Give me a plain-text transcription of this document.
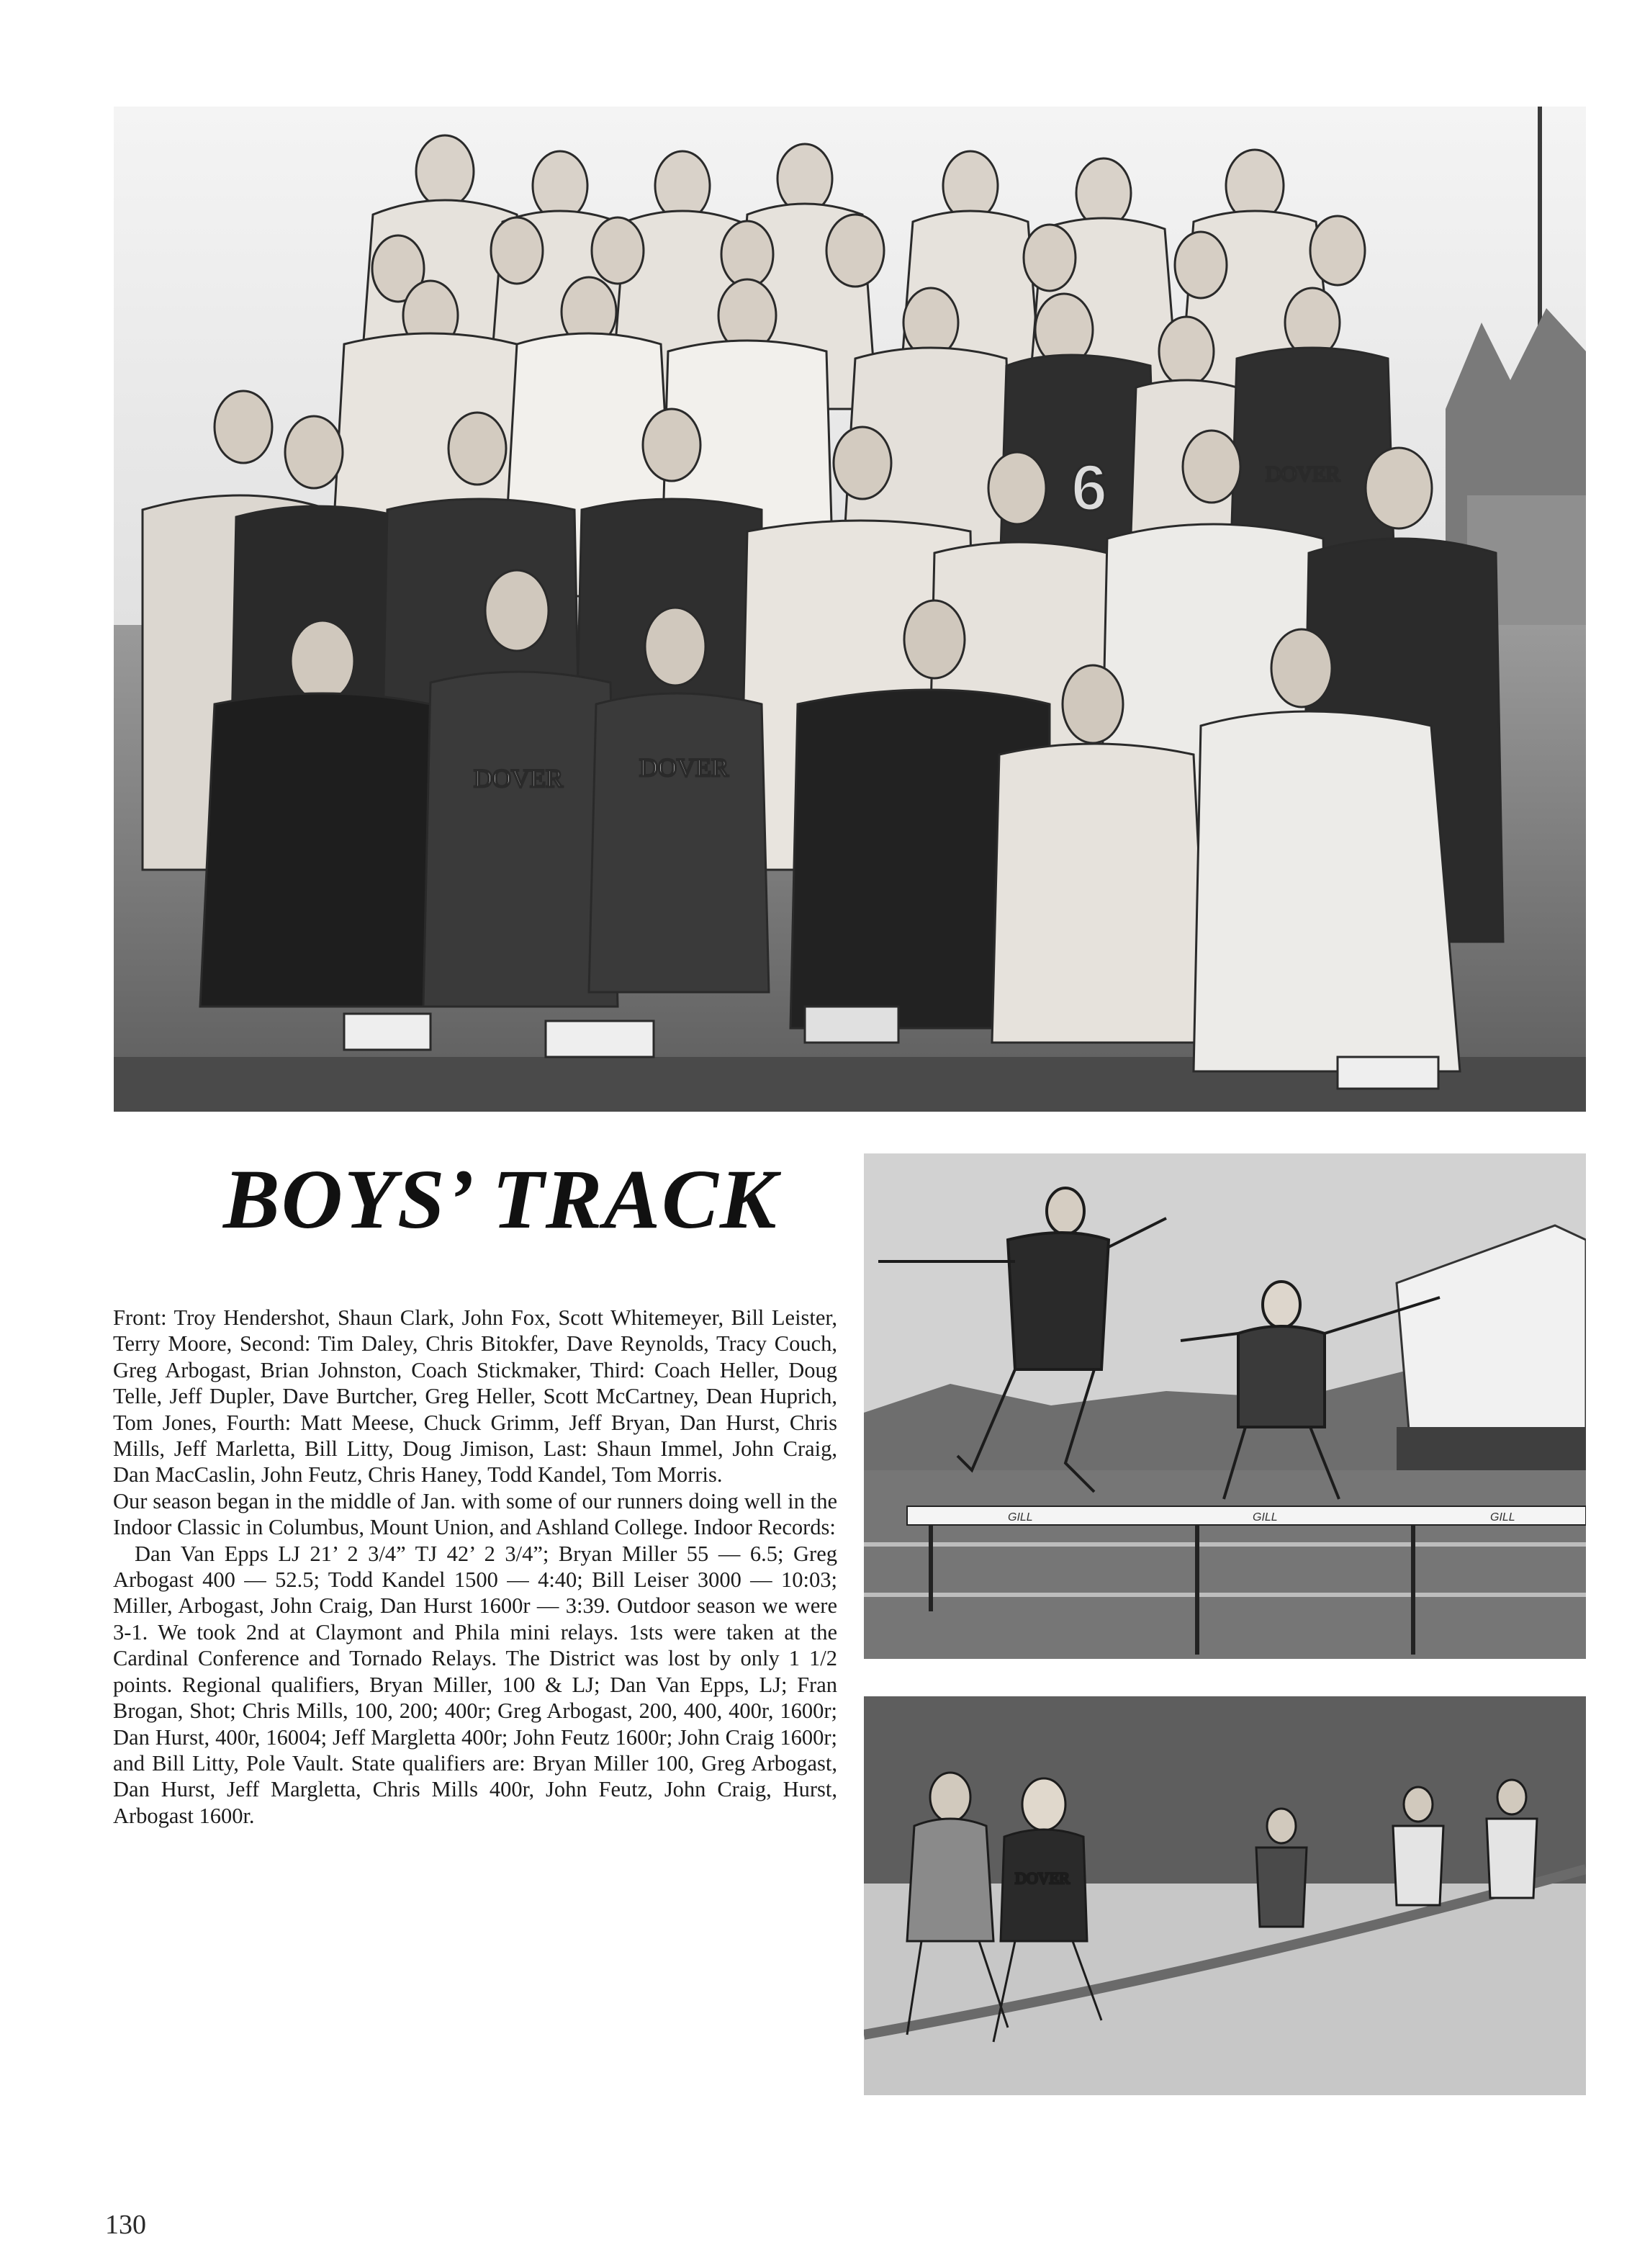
6	DOVER
DOVER	DOVER
BOYS’ TRACK
GILL	GILL	GILL
DOVER

Front: Troy Hendershot, Shaun Clark, John Fox, Scott Whitemeyer, Bill Leister, Terry Moore, Second: Tim Daley, Chris Bitokfer, Dave Reynolds, Tracy Couch, Greg Arbogast, Brian Johnston, Coach Stickmaker, Third: Coach Heller, Doug Telle, Jeff Dupler, Dave Burtcher, Greg Heller, Scott McCartney, Dean Huprich, Tom Jones, Fourth: Matt Meese, Chuck Grimm, Jeff Bryan, Dan Hurst, Chris Mills, Jeff Marletta, Bill Litty, Doug Jimison, Last: Shaun Immel, John Craig, Dan MacCaslin, John Feutz, Chris Haney, Todd Kandel, Tom Morris.

Our season began in the middle of Jan. with some of our runners doing well in the Indoor Classic in Columbus, Mount Union, and Ashland College. Indoor Records:

Dan Van Epps LJ 21’ 2 3/4” TJ 42’ 2 3/4”; Bryan Miller 55 — 6.5; Greg Arbogast 400 — 52.5; Todd Kandel 1500 — 4:40; Bill Leiser 3000 — 10:03; Miller, Arbogast, John Craig, Dan Hurst 1600r — 3:39. Outdoor season we were 3-1. We took 2nd at Claymont and Phila mini relays. 1sts were taken at the Cardinal Conference and Tornado Relays. The District was lost by only 1 1/2 points. Regional qualifiers, Bryan Miller, 100 & LJ; Dan Van Epps, LJ; Fran Brogan, Shot; Chris Mills, 100, 200; 400r; Greg Arbogast, 200, 400, 400r, 1600r; Dan Hurst, 400r, 16004; Jeff Margletta 400r; John Feutz 1600r; John Craig 1600r; and Bill Litty, Pole Vault. State qualifiers are: Bryan Miller 100, Greg Arbogast, Dan Hurst, Jeff Margletta, Chris Mills 400r, John Feutz, John Craig, Hurst, Arbogast 1600r.

130
